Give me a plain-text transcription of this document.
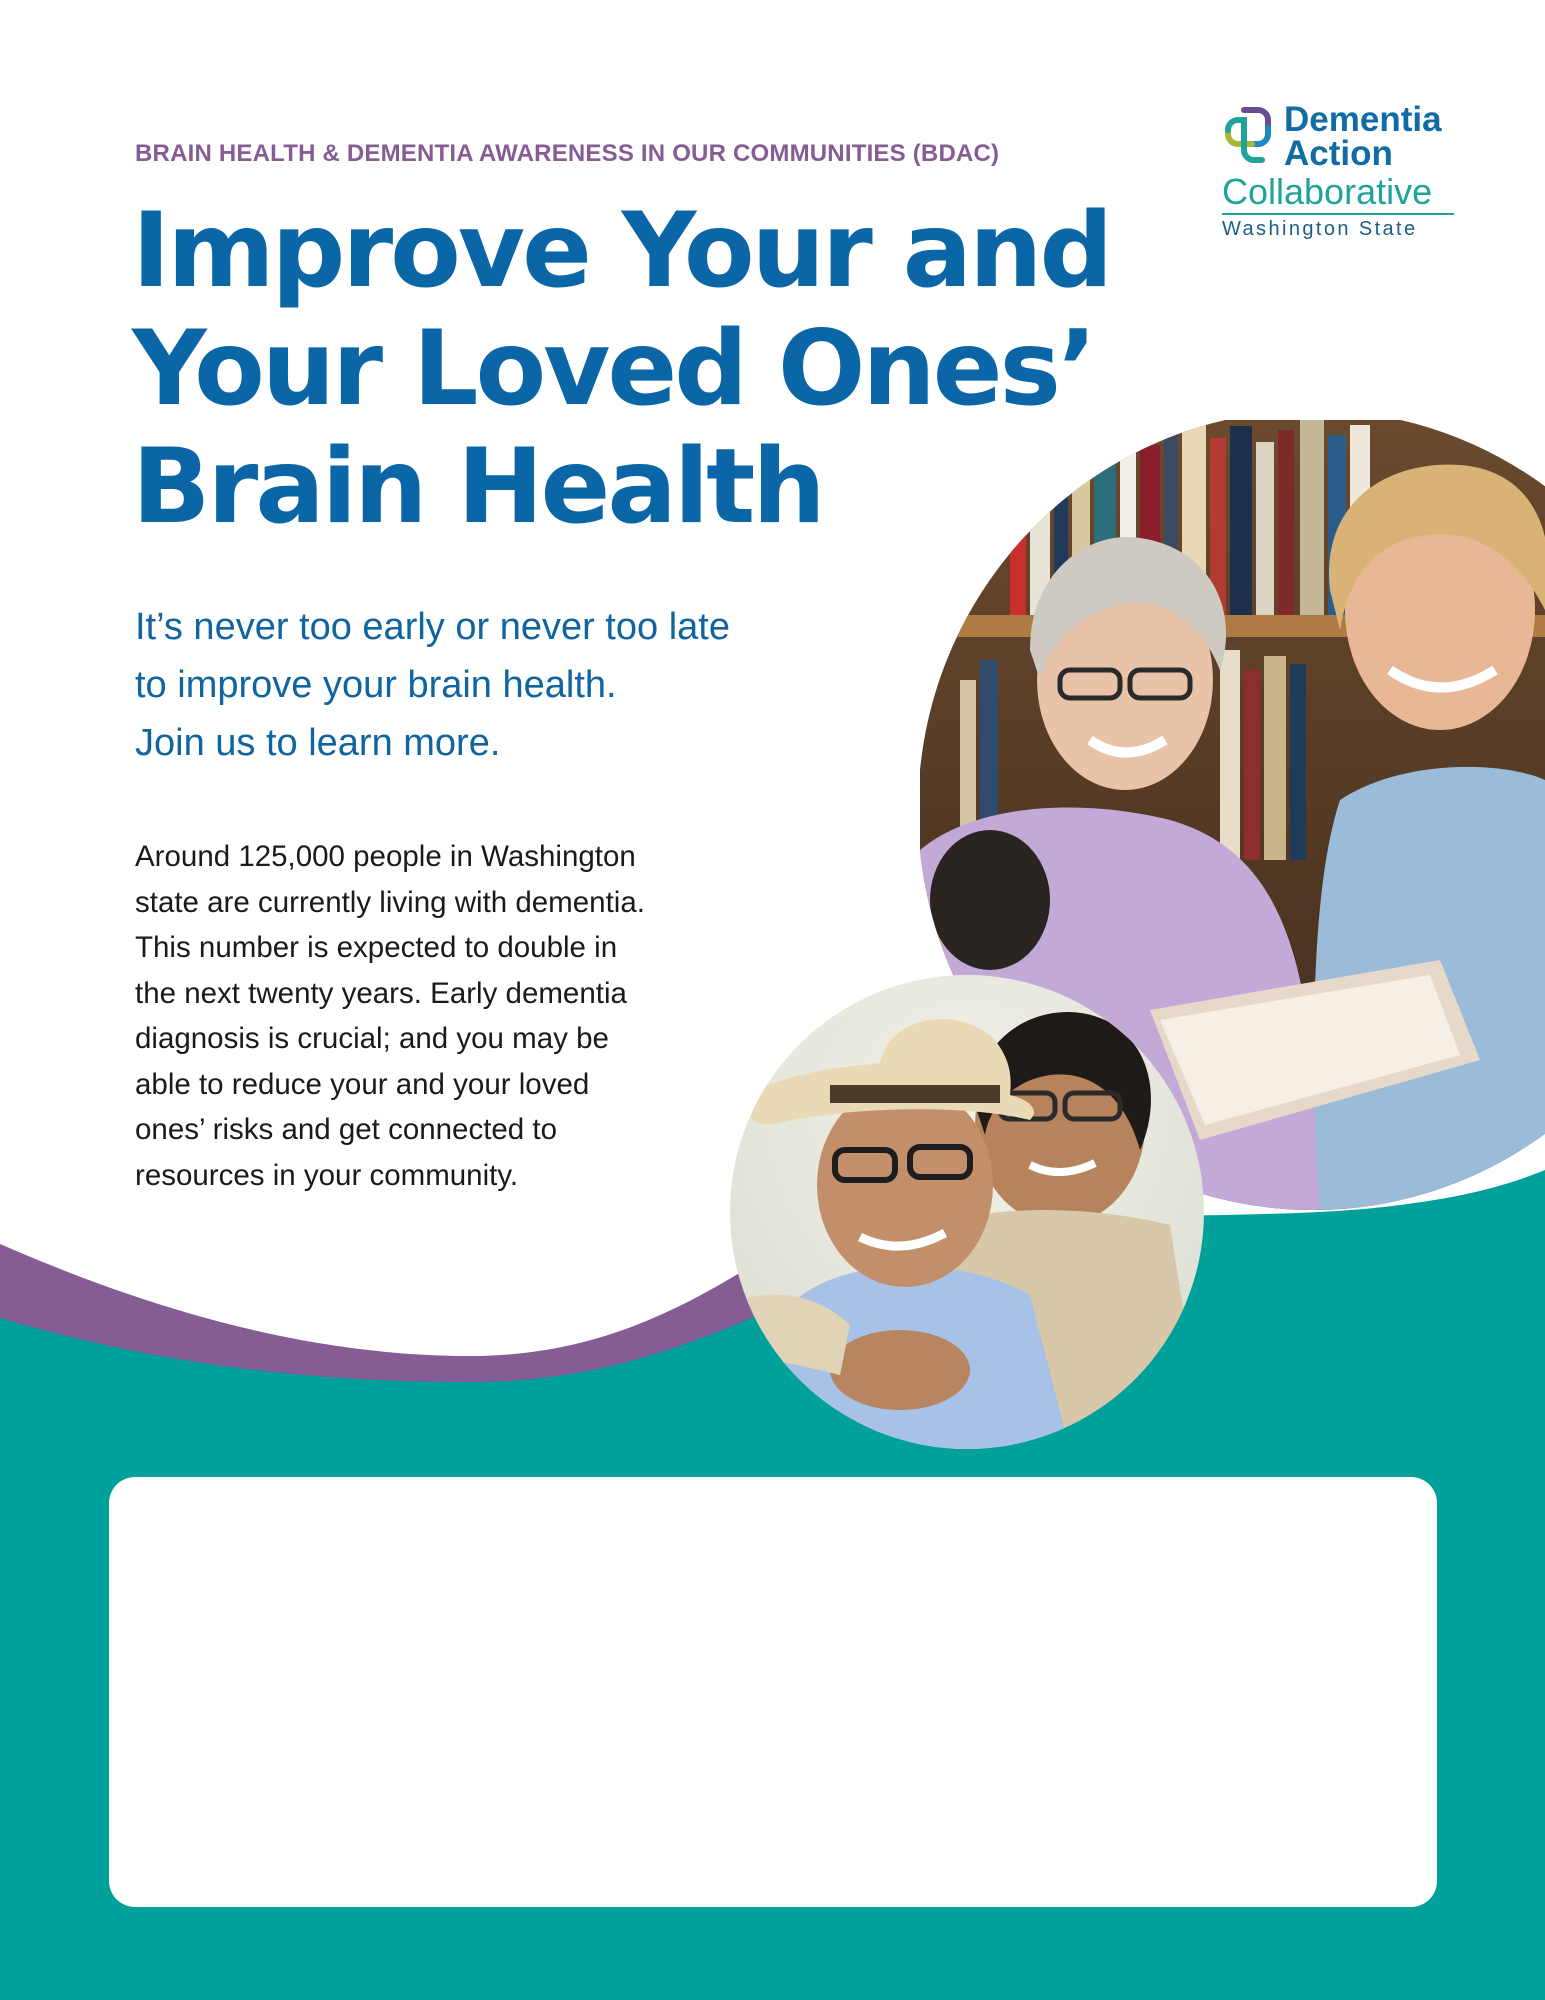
BRAIN HEALTH & DEMENTIA AWARENESS IN OUR COMMUNITIES (BDAC)
Improve Your and
Your Loved Ones’
Brain Health

It’s never too early or never too late
to improve your brain health.
Join us to learn more.

Around 125,000 people in Washington
state are currently living with dementia.
This number is expected to double in
the next twenty years. Early dementia
diagnosis is crucial; and you may be
able to reduce your and your loved
ones’ risks and get connected to
resources in your community.

Dementia
Action
Collaborative
Washington State
